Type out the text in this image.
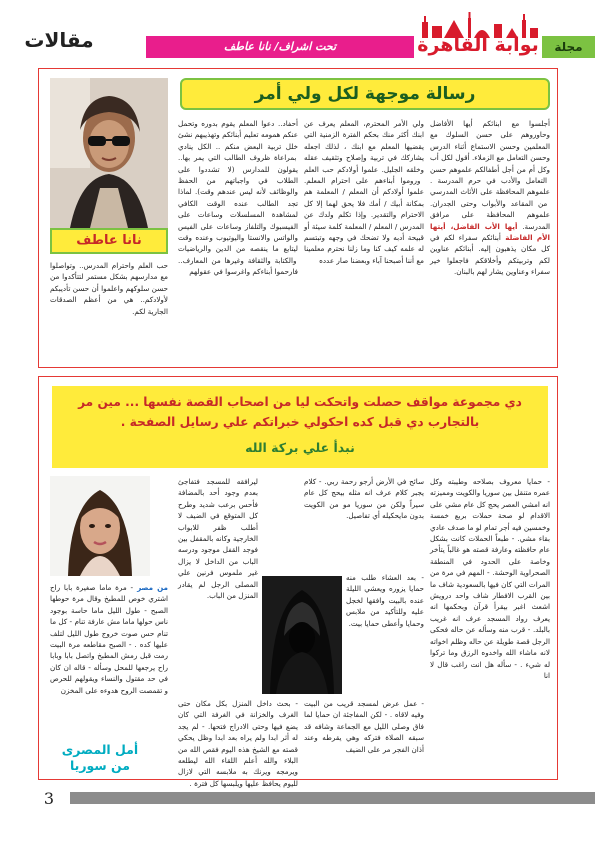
مقالات	تحت اشراف/ نانا عاطف	بوابة القاهرة	مجلة
رسالة موجهة لكل ولي أمر
نانا عاطف
أجلسوا مع ابنائكم أيها الأفاضل وحاوروهم على حسن السلوك مع المعلمين وحسن الاستماع أثناء الدرس وحسن التعامل مع الزملاء. أقول لكل أب وكل أم من أجل أطفالكم علموهم حسن التعامل والأدب في حرم المدرسة . علموهم المحافظة على الأثاث المدرسي من المقاعد والأبواب وحتى الجدران. علموهم المحافظة على مرافق المدرسة. أيها الأب الفاضل، أيتها الأم الفاضلة أبنائكم سفراء لكم في كل مكان يذهبون إليه. أبنائكم عناوين لكم وتربيتكم وأخلاقكم فاجعلوا خير سفراء وعناوين يشار لهم بالبنان.
ولي الأمر المحترم، المعلم يعرف عن ابنك أكثر منك بحكم الفترة الزمنية التي يقضيها المعلم مع ابنك ، لذلك اجعله يشاركك في تربية وإصلاح وتثقيف عقله وخلقه الجليل. علموا أولادكم حب العلم وروموا أبناءهم على احترام المعلم. علموا أولادكم أن المعلم / المعلمة هم بمكانة أبيك / أمك فلا يحق لهما إلا كل الاحترام والتقدير. وإذا تكلم ولدك عن المدرس / المعلم / المعلمة كلمة سيئة أو قبيحة أدبه ولا تضحك في وجهه وتبتسم له علمه كيف كنا وما زلنا نحترم معلمينا مع أننا أصبحنا آباء وبعضنا صار عدده
أحفاد.. دعوا المعلم يقوم بدوره وتحمل عنكم همومه تعليم أبنائكم وتهذيبهم نشئ خلل تربية البعض منكم .. الكل ينادي بمراعاة ظروف الطالب التي يمر بها.. يقولون للمدارس (لا تشددوا على الطلاب في واجباتهم من الحفظ والوظائف لأنه ليس عندهم وقت). لماذا تجد الطالب عنده الوقت الكافي لمشاهدة المسلسلات وساعات على الفيسبوك والتلفاز وساعات على الفيس والواتس والانستا واليوتيوب وعنده وقت ليتابع ما ينقصه من الدين والرياضيات والكتابة والثقافة وغيرها من المعارف.. فارحموا أبناءكم واغرسوا في عقولهم
حب العلم واحترام المدرس.. وتواصلوا مع مدارسهم بشكل مستمر لتتأكدوا من حسن سلوكهم واعلموا أن حسن تأديبكم لأولادكم.. هي من أعظم الصدقات الجارية لكم.
دي مجموعة مواقف حصلت واتحكت ليا من اصحاب القصة نفسها ... مين مر بالتجارب دي قبل كده احكولي خبراتكم علي رسايل الصفحة .
نبدأ علي بركة الله
أمل المصرى من سوريا
- حمايا معروف بصلاحه وطيبته وكل عمره متنقل بين سوريا والكويت ومميزته انه امشي العصر يحج كل عام مشي على الاقدام لو صحة حملات بربع خمسة وخمسين فيه أجر تمام لو ما صدف عادي بقاء مشي. - طبعاً الحملات كانت بشكل عام حافظته وعارفة قصته هو غالباً يتأخر وخاصة على الحدود في المنطقة الصحراوية الوحشة. - المهم في مرة من المرات التي كان فيها بالسعودية شاف ما بين القرب الافطار شاف واحد درويش اشعث اغبر بيقرأ قرآن وبحكمها انه يعرف رواد المسجد عرف انه غريب بالبلد. - قرب منه وسأله عن حاله فحكى الرجل قصة طويلة عن حاله وظلم اخواته لانه ماشاء الله واخدوه الرزق وما تركوا له شيء . - سأله هل انت راغب قال لا انا
سائح في الأرض أرجو رحمة ربي. - كلام يجبر كلام عرف انه مثله بيحج كل عام سيراً ولكن من سوريا مو من الكويت بدون مايحكيله أي تفاصيل.
- بعد العشاء طلب منه حمايا يزوره ويعشي الليلة عنده بالبيت وافقها لخجل عليه وللتأكيد من ملابس وحمايا وأعطى حمايا بيت.
- عمل عرض لمسجد قريب من البيت وفيه لاقاه . - لكن المفاجئة ان حمايا لما فاق وصلى الليل مع الجماعة وشافه قد سبقه الصلاة فتركه وهي يقرطه وعند أذان الفجر مر على الضيف
ليرافقه للمسجد فتفاجئ بعدم وجود أحد بالمضافة فأحس برعب شديد وطرح كل المتوقع في الضيف لا أطلب ظفر للابواب الخارجية وكانه بالمقفل بين فوجد القفل موجود ودرسه الباب من الداخل لا يزال غير ملموس فرنين علي المصلى الرجل لم يقادر المنزل من الباب.
- بحث داخل المنزل بكل مكان حتى الغرف والخزانة في الغرفة التي كان يضع فيها وحتى الادراج فتحها. - لم يجد له أثر ابدا ولم يراه بعد ابدا وظل يحكي قصته مع الشيخ هذه اليوم فقص الله من البلاء والله أعلم اللقاء الله ليطلعه ويرمجه ويرنك به ملابسه التي لازال لليوم يحافظ عليها ويلبسها كل فترة .
من مصر - مرة ماما صغيرة بابا راح اشتري خوص للمطبخ وقال مرة حوطها الصبح - طول الليل ماما حاسة بوجود ناس حولها ماما مش عارفة تنام - كل ما تنام حس صوت خروج طول الليل لتلف عليها كده . - الصبح مقاطعه مرة البيت رمت قبل رمش المطبخ واتصل بابا وبابا راح يرجعها للمحل وسأله - قاله ان كان في حد مقتول والنساء ويقولهم للحرص و تقمصت الروح هدوءه على المخزن
3
